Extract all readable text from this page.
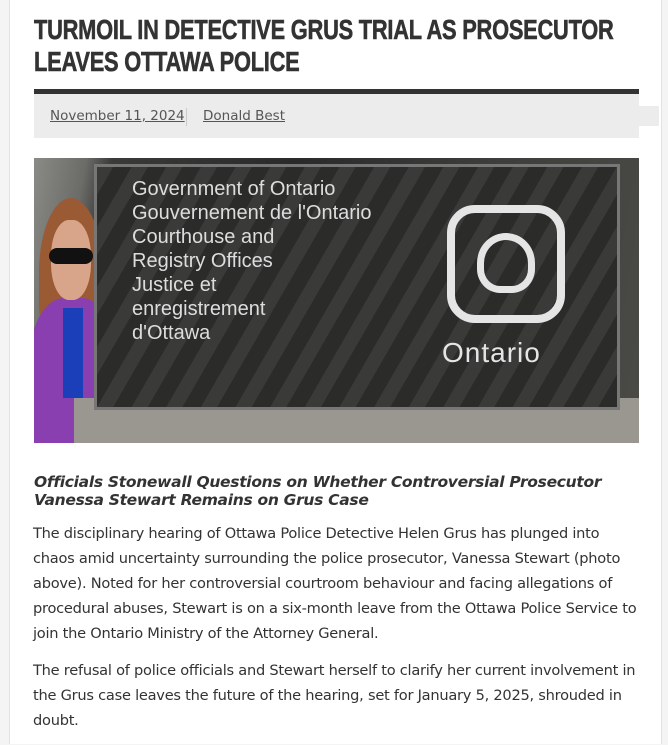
TURMOIL IN DETECTIVE GRUS TRIAL AS PROSECUTOR LEAVES OTTAWA POLICE
November 11, 2024 Donald Best
Government of Ontario
Gouvernement de l'Ontario
Courthouse and
Registry Offices
Justice et
enregistrement
d'Ottawa
Ontario
Officials Stonewall Questions on Whether Controversial Prosecutor Vanessa Stewart Remains on Grus Case

The disciplinary hearing of Ottawa Police Detective Helen Grus has plunged into chaos amid uncertainty surrounding the police prosecutor, Vanessa Stewart (photo above). Noted for her controversial courtroom behaviour and facing allegations of procedural abuses, Stewart is on a six-month leave from the Ottawa Police Service to join the Ontario Ministry of the Attorney General.

The refusal of police officials and Stewart herself to clarify her current involvement in the Grus case leaves the future of the hearing, set for January 5, 2025, shrouded in doubt.
